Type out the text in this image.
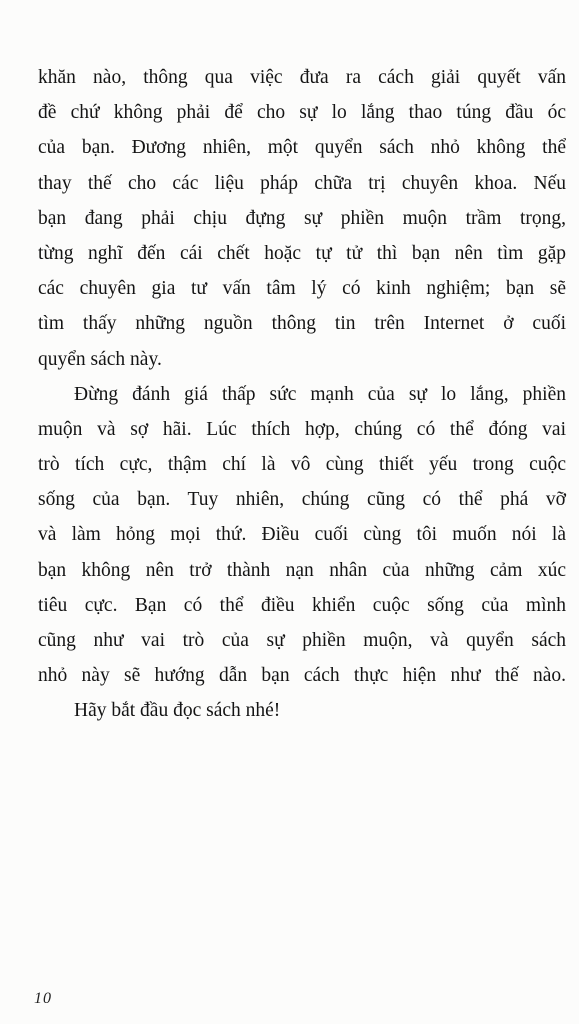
khăn nào, thông qua việc đưa ra cách giải quyết vấn
đề chứ không phải để cho sự lo lắng thao túng đầu óc
của bạn. Đương nhiên, một quyển sách nhỏ không thể
thay thế cho các liệu pháp chữa trị chuyên khoa. Nếu
bạn đang phải chịu đựng sự phiền muộn trầm trọng,
từng nghĩ đến cái chết hoặc tự tử thì bạn nên tìm gặp
các chuyên gia tư vấn tâm lý có kinh nghiệm; bạn sẽ
tìm thấy những nguồn thông tin trên Internet ở cuối
quyển sách này.
Đừng đánh giá thấp sức mạnh của sự lo lắng, phiền
muộn và sợ hãi. Lúc thích hợp, chúng có thể đóng vai
trò tích cực, thậm chí là vô cùng thiết yếu trong cuộc
sống của bạn. Tuy nhiên, chúng cũng có thể phá vỡ
và làm hỏng mọi thứ. Điều cuối cùng tôi muốn nói là
bạn không nên trở thành nạn nhân của những cảm xúc
tiêu cực. Bạn có thể điều khiển cuộc sống của mình
cũng như vai trò của sự phiền muộn, và quyển sách
nhỏ này sẽ hướng dẫn bạn cách thực hiện như thế nào.
Hãy bắt đầu đọc sách nhé!
10
